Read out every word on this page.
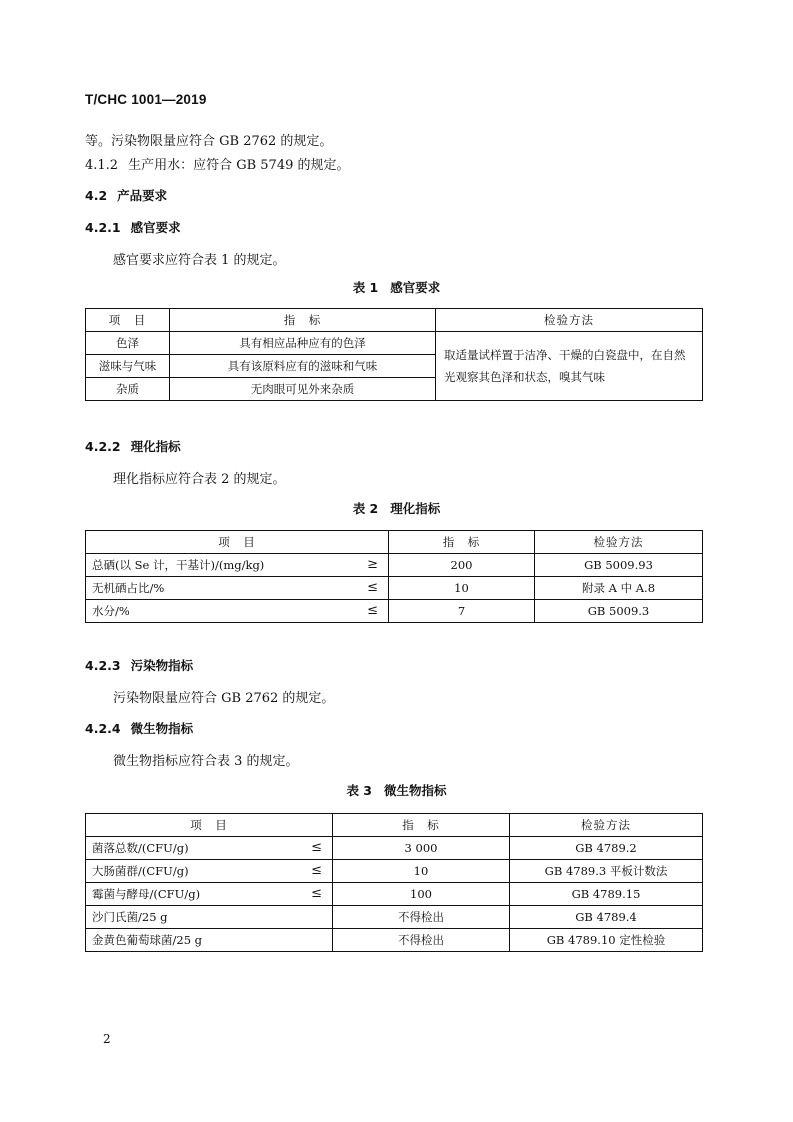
T/CHC 1001—2019
等。污染物限量应符合 GB 2762 的规定。
4.1.2 生产用水：应符合 GB 5749 的规定。
4.2 产品要求
4.2.1 感官要求
感官要求应符合表 1 的规定。
表 1 感官要求
项　目	指　标	检验方法
色泽	具有相应品种应有的色泽	取适量试样置于洁净、干燥的白瓷盘中，在自然光观察其色泽和状态，嗅其气味
滋味与气味	具有该原料应有的滋味和气味	
杂质	无肉眼可见外来杂质	
4.2.2 理化指标
理化指标应符合表 2 的规定。
表 2 理化指标
项　目	指　标	检验方法
总硒(以 Se 计，干基计)/(mg/kg) ≥	200	GB 5009.93
无机硒占比/% ≤	10	附录 A 中 A.8
水分/% ≤	7	GB 5009.3
4.2.3 污染物指标
污染物限量应符合 GB 2762 的规定。
4.2.4 微生物指标
微生物指标应符合表 3 的规定。
表 3 微生物指标
项　目	指　标	检验方法
菌落总数/(CFU/g) ≤	3 000	GB 4789.2
大肠菌群/(CFU/g) ≤	10	GB 4789.3 平板计数法
霉菌与酵母/(CFU/g) ≤	100	GB 4789.15
沙门氏菌/25 g	不得检出	GB 4789.4
金黄色葡萄球菌/25 g	不得检出	GB 4789.10 定性检验
2
